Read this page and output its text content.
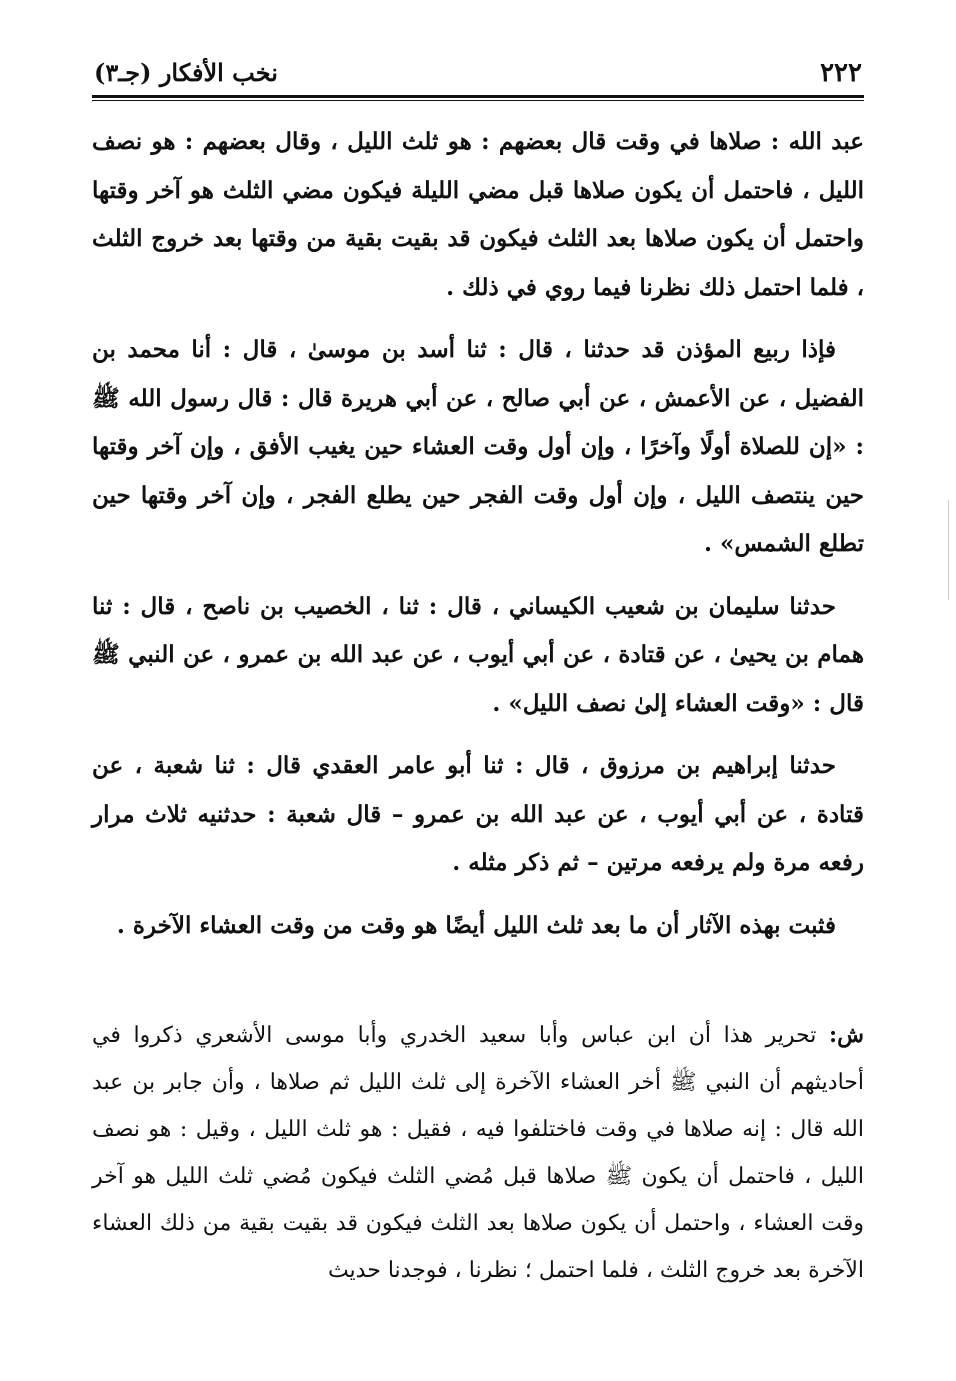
٢٢٢
نخب الأفكار (جـ٣)

عبد الله : صلاها في وقت قال بعضهم : هو ثلث الليل ، وقال بعضهم : هو نصف الليل ، فاحتمل أن يكون صلاها قبل مضي الليلة فيكون مضي الثلث هو آخر وقتها واحتمل أن يكون صلاها بعد الثلث فيكون قد بقيت بقية من وقتها بعد خروج الثلث ، فلما احتمل ذلك نظرنا فيما روي في ذلك .

فإذا ربيع المؤذن قد حدثنا ، قال : ثنا أسد بن موسىٰ ، قال : أنا محمد بن الفضيل ، عن الأعمش ، عن أبي صالح ، عن أبي هريرة قال : قال رسول الله ﷺ : «إن للصلاة أولًا وآخرًا ، وإن أول وقت العشاء حين يغيب الأفق ، وإن آخر وقتها حين ينتصف الليل ، وإن أول وقت الفجر حين يطلع الفجر ، وإن آخر وقتها حين تطلع الشمس» .

حدثنا سليمان بن شعيب الكيساني ، قال : ثنا ، الخصيب بن ناصح ، قال : ثنا همام بن يحيىٰ ، عن قتادة ، عن أبي أيوب ، عن عبد الله بن عمرو ، عن النبي ﷺ قال : «وقت العشاء إلىٰ نصف الليل» .

حدثنا إبراهيم بن مرزوق ، قال : ثنا أبو عامر العقدي قال : ثنا شعبة ، عن قتادة ، عن أبي أيوب ، عن عبد الله بن عمرو – قال شعبة : حدثنيه ثلاث مرار رفعه مرة ولم يرفعه مرتين – ثم ذكر مثله .

فثبت بهذه الآثار أن ما بعد ثلث الليل أيضًا هو وقت من وقت العشاء الآخرة .

ش: تحرير هذا أن ابن عباس وأبا سعيد الخدري وأبا موسى الأشعري ذكروا في أحاديثهم أن النبي ﷺ أخر العشاء الآخرة إلى ثلث الليل ثم صلاها ، وأن جابر بن عبد الله قال : إنه صلاها في وقت فاختلفوا فيه ، فقيل : هو ثلث الليل ، وقيل : هو نصف الليل ، فاحتمل أن يكون ﷺ صلاها قبل مُضي الثلث فيكون مُضي ثلث الليل هو آخر وقت العشاء ، واحتمل أن يكون صلاها بعد الثلث فيكون قد بقيت بقية من ذلك العشاء الآخرة بعد خروج الثلث ، فلما احتمل ؛ نظرنا ، فوجدنا حديث
